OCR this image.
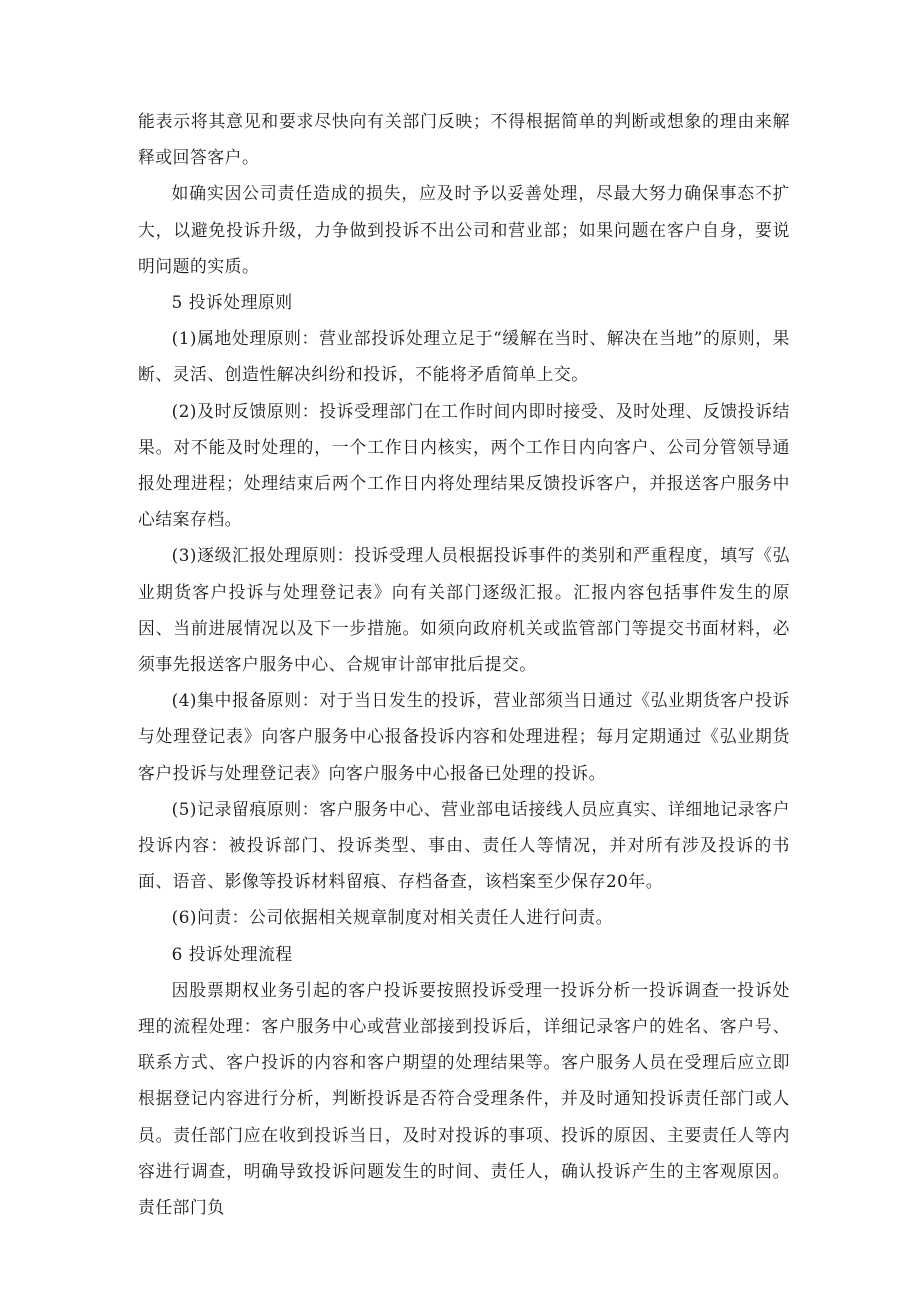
能表示将其意见和要求尽快向有关部门反映；不得根据简单的判断或想象的理由来解释或回答客户。

如确实因公司责任造成的损失，应及时予以妥善处理，尽最大努力确保事态不扩大，以避免投诉升级，力争做到投诉不出公司和营业部；如果问题在客户自身，要说明问题的实质。

5 投诉处理原则

(1)属地处理原则：营业部投诉处理立足于“缓解在当时、解决在当地”的原则，果断、灵活、创造性解决纠纷和投诉，不能将矛盾简单上交。

(2)及时反馈原则：投诉受理部门在工作时间内即时接受、及时处理、反馈投诉结果。对不能及时处理的，一个工作日内核实，两个工作日内向客户、公司分管领导通报处理进程；处理结束后两个工作日内将处理结果反馈投诉客户，并报送客户服务中心结案存档。

(3)逐级汇报处理原则：投诉受理人员根据投诉事件的类别和严重程度，填写《弘业期货客户投诉与处理登记表》向有关部门逐级汇报。汇报内容包括事件发生的原因、当前进展情况以及下一步措施。如须向政府机关或监管部门等提交书面材料，必须事先报送客户服务中心、合规审计部审批后提交。

(4)集中报备原则：对于当日发生的投诉，营业部须当日通过《弘业期货客户投诉与处理登记表》向客户服务中心报备投诉内容和处理进程；每月定期通过《弘业期货客户投诉与处理登记表》向客户服务中心报备已处理的投诉。

(5)记录留痕原则：客户服务中心、营业部电话接线人员应真实、详细地记录客户投诉内容：被投诉部门、投诉类型、事由、责任人等情况，并对所有涉及投诉的书面、语音、影像等投诉材料留痕、存档备查，该档案至少保存20年。

(6)问责：公司依据相关规章制度对相关责任人进行问责。

6 投诉处理流程

因股票期权业务引起的客户投诉要按照投诉受理一投诉分析一投诉调查一投诉处理的流程处理：客户服务中心或营业部接到投诉后，详细记录客户的姓名、客户号、联系方式、客户投诉的内容和客户期望的处理结果等。客户服务人员在受理后应立即根据登记内容进行分析，判断投诉是否符合受理条件，并及时通知投诉责任部门或人员。责任部门应在收到投诉当日，及时对投诉的事项、投诉的原因、主要责任人等内容进行调查，明确导致投诉问题发生的时间、责任人，确认投诉产生的主客观原因。责任部门负
